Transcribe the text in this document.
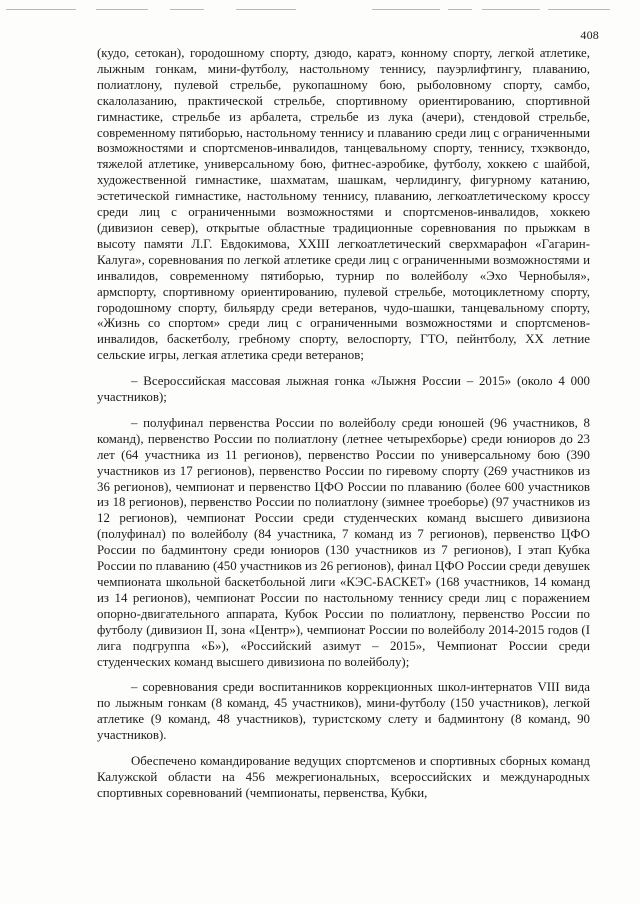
408

(кудо, сетокан), городошному спорту, дзюдо, каратэ, конному спорту, легкой атлетике, лыжным гонкам, мини-футболу, настольному теннису, пауэрлифтингу, плаванию, полиатлону, пулевой стрельбе, рукопашному бою, рыболовному спорту, самбо, скалолазанию, практической стрельбе, спортивному ориентированию, спортивной гимнастике, стрельбе из арбалета, стрельбе из лука (ачери), стендовой стрельбе, современному пятиборью, настольному теннису и плаванию среди лиц с ограниченными возможностями и спортсменов-инвалидов, танцевальному спорту, теннису, тхэквондо, тяжелой атлетике, универсальному бою, фитнес-аэробике, футболу, хоккею с шайбой, художественной гимнастике, шахматам, шашкам, черлидингу, фигурному катанию, эстетической гимнастике, настольному теннису, плаванию, легкоатлетическому кроссу среди лиц с ограниченными возможностями и спортсменов-инвалидов, хоккею (дивизион север), открытые областные традиционные соревнования по прыжкам в высоту памяти Л.Г. Евдокимова, XXIII легкоатлетический сверхмарафон «Гагарин-Калуга», соревнования по легкой атлетике среди лиц с ограниченными возможностями и инвалидов, современному пятиборью, турнир по волейболу «Эхо Чернобыля», армспорту, спортивному ориентированию, пулевой стрельбе, мотоциклетному спорту, городошному спорту, бильярду среди ветеранов, чудо-шашки, танцевальному спорту, «Жизнь со спортом» среди лиц с ограниченными возможностями и спортсменов-инвалидов, баскетболу, гребному спорту, велоспорту, ГТО, пейнтболу, XX летние сельские игры, легкая атлетика среди ветеранов;

– Всероссийская массовая лыжная гонка «Лыжня России – 2015» (около 4 000 участников);

– полуфинал первенства России по волейболу среди юношей (96 участников, 8 команд), первенство России по полиатлону (летнее четырехборье) среди юниоров до 23 лет (64 участника из 11 регионов), первенство России по универсальному бою (390 участников из 17 регионов), первенство России по гиревому спорту (269 участников из 36 регионов), чемпионат и первенство ЦФО России по плаванию (более 600 участников из 18 регионов), первенство России по полиатлону (зимнее троеборье) (97 участников из 12 регионов), чемпионат России среди студенческих команд высшего дивизиона (полуфинал) по волейболу (84 участника, 7 команд из 7 регионов), первенство ЦФО России по бадминтону среди юниоров (130 участников из 7 регионов), I этап Кубка России по плаванию (450 участников из 26 регионов), финал ЦФО России среди девушек чемпионата школьной баскетбольной лиги «КЭС-БАСКЕТ» (168 участников, 14 команд из 14 регионов), чемпионат России по настольному теннису среди лиц с поражением опорно-двигательного аппарата, Кубок России по полиатлону, первенство России по футболу (дивизион II, зона «Центр»), чемпионат России по волейболу 2014-2015 годов (I лига подгруппа «Б»), «Российский азимут – 2015», Чемпионат России среди студенческих команд высшего дивизиона по волейболу);

– соревнования среди воспитанников коррекционных школ-интернатов VIII вида по лыжным гонкам (8 команд, 45 участников), мини-футболу (150 участников), легкой атлетике (9 команд, 48 участников), туристскому слету и бадминтону (8 команд, 90 участников).

Обеспечено командирование ведущих спортсменов и спортивных сборных команд Калужской области на 456 межрегиональных, всероссийских и международных спортивных соревнований (чемпионаты, первенства, Кубки,
